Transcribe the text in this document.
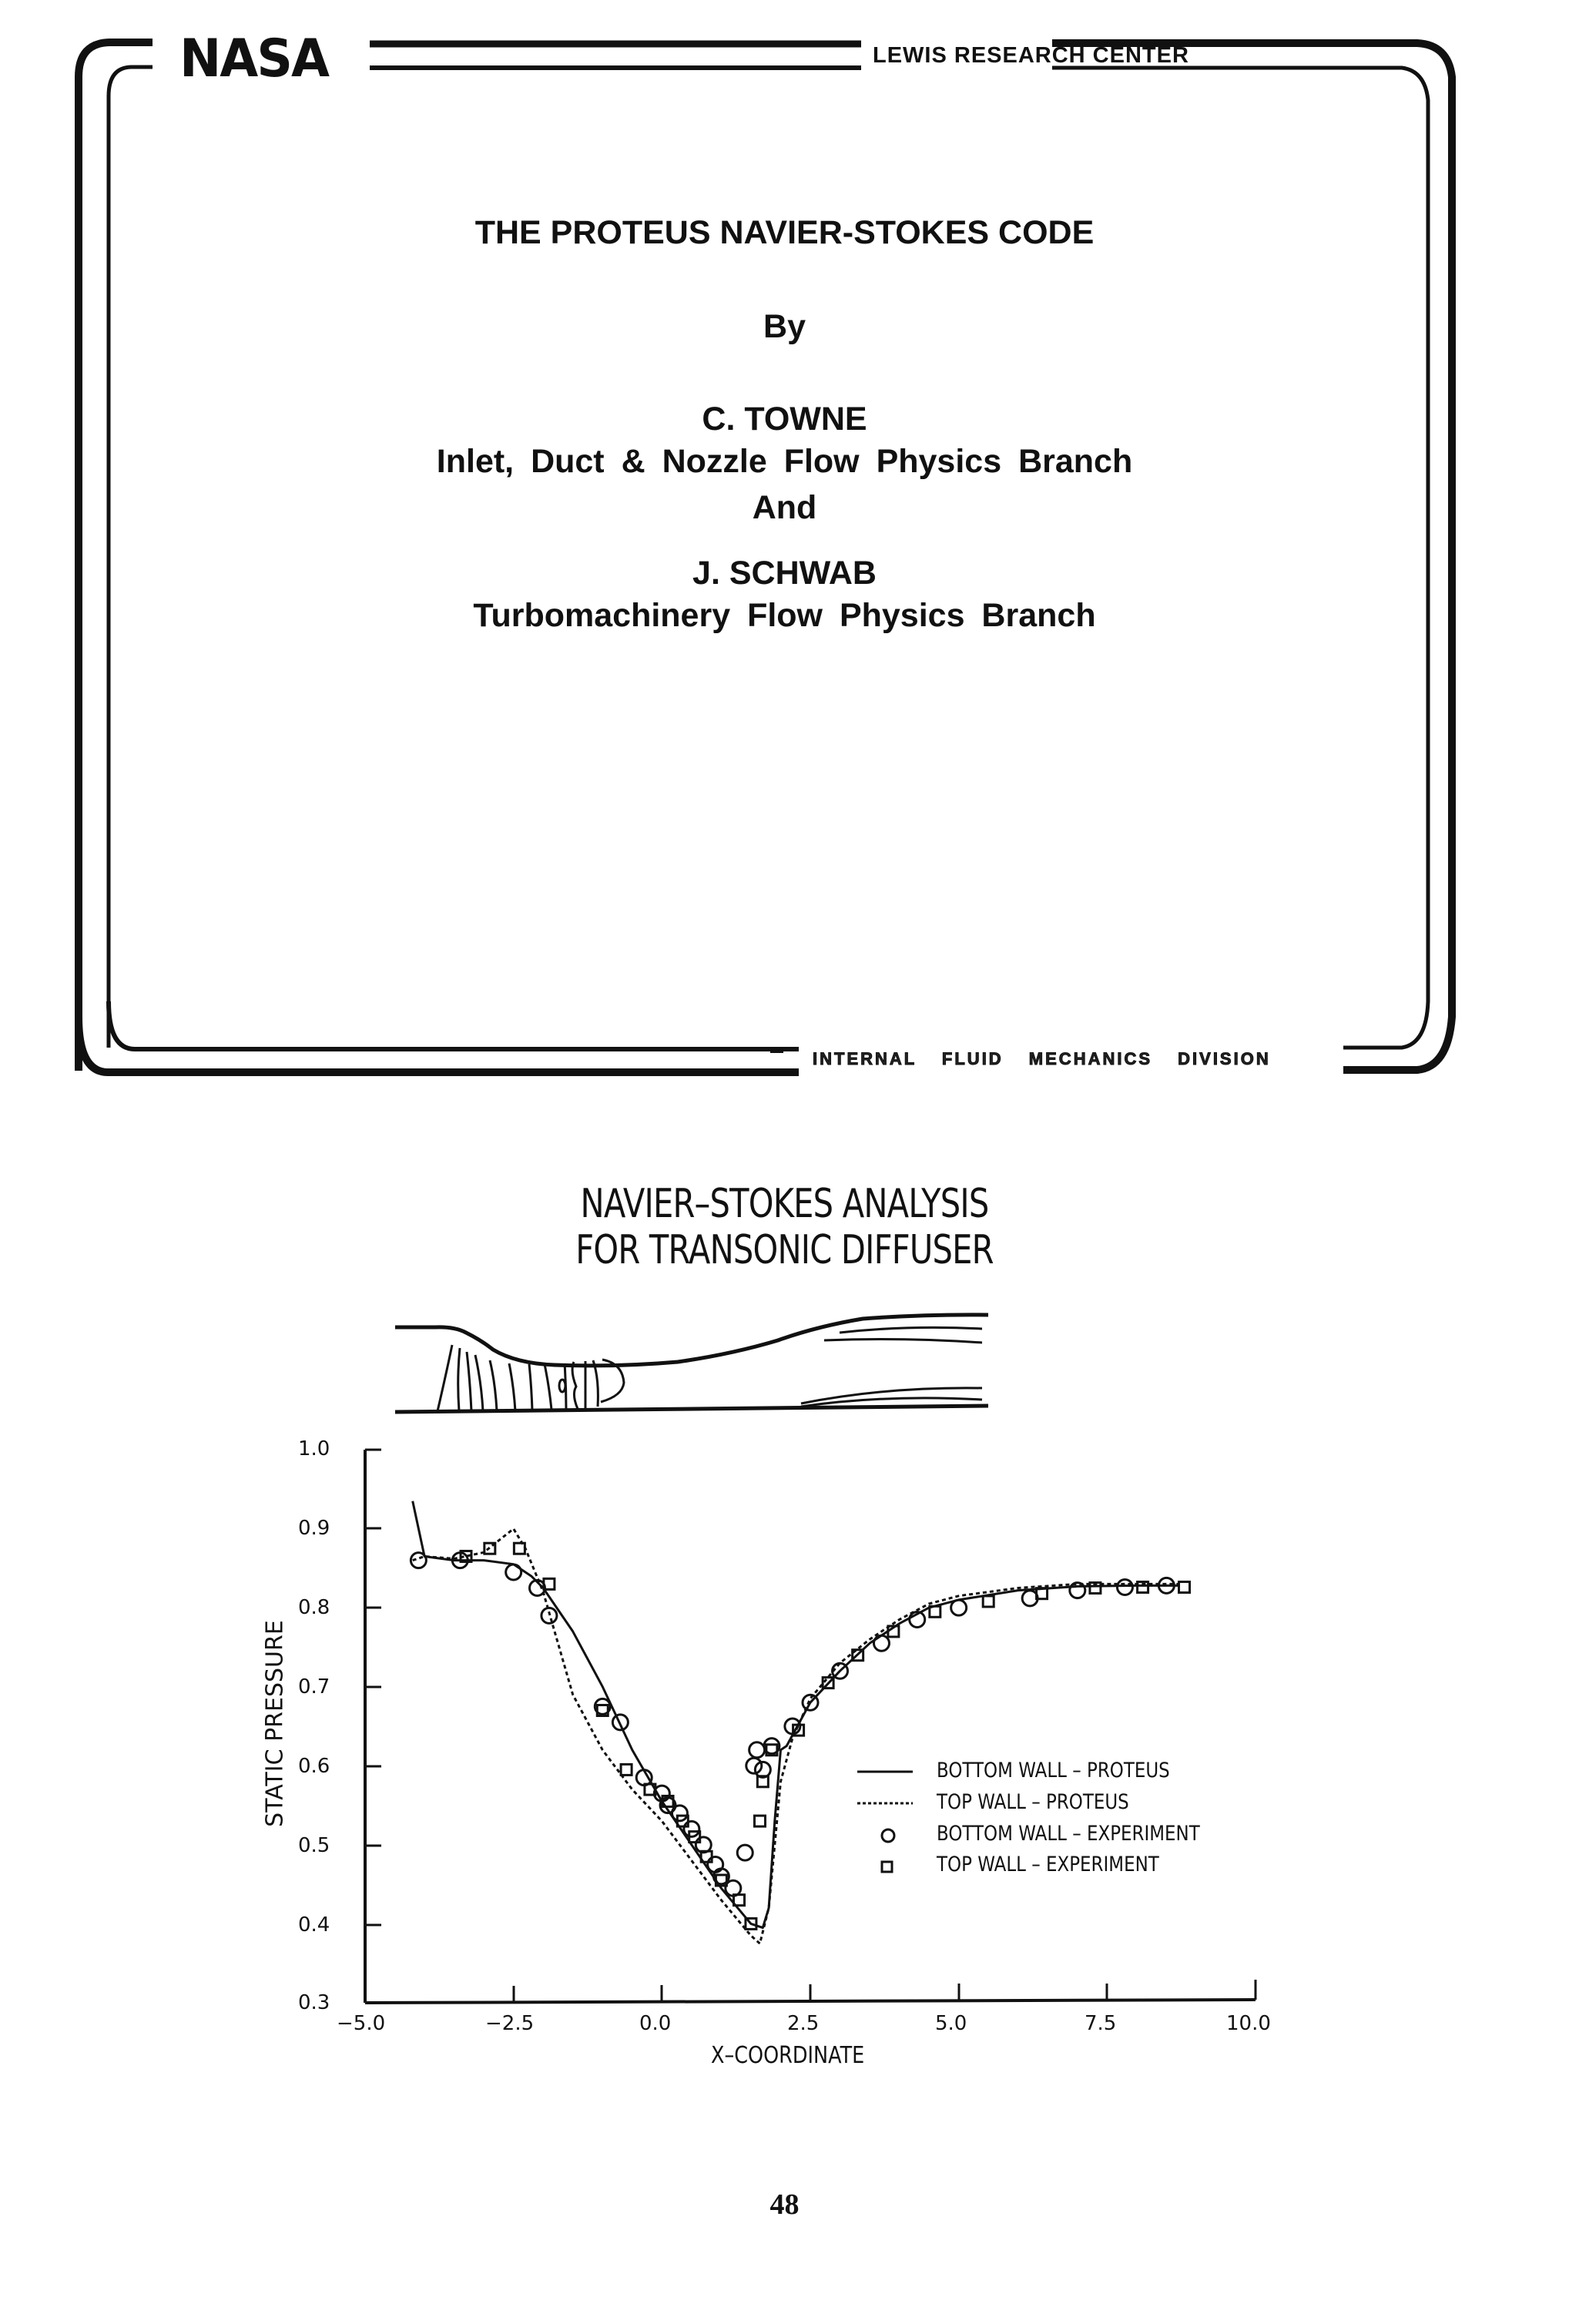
NASA	LEWIS RESEARCH CENTER
INTERNAL FLUID MECHANICS DIVISION
THE PROTEUS NAVIER-STOKES CODE
By
C. TOWNE
Inlet, Duct & Nozzle Flow Physics Branch
And
J. SCHWAB
Turbomachinery Flow Physics Branch
NAVIER–STOKES ANALYSIS
FOR TRANSONIC DIFFUSER
1.0
0.9
0.8
0.7
0.6
0.5
0.4
0.3
−5.0	−2.5	0.0	2.5	5.0	7.5	10.0
X–COORDINATE
STATIC PRESSURE	BOTTOM WALL – PROTEUS
TOP WALL – PROTEUS
BOTTOM WALL – EXPERIMENT
TOP WALL – EXPERIMENT
48
